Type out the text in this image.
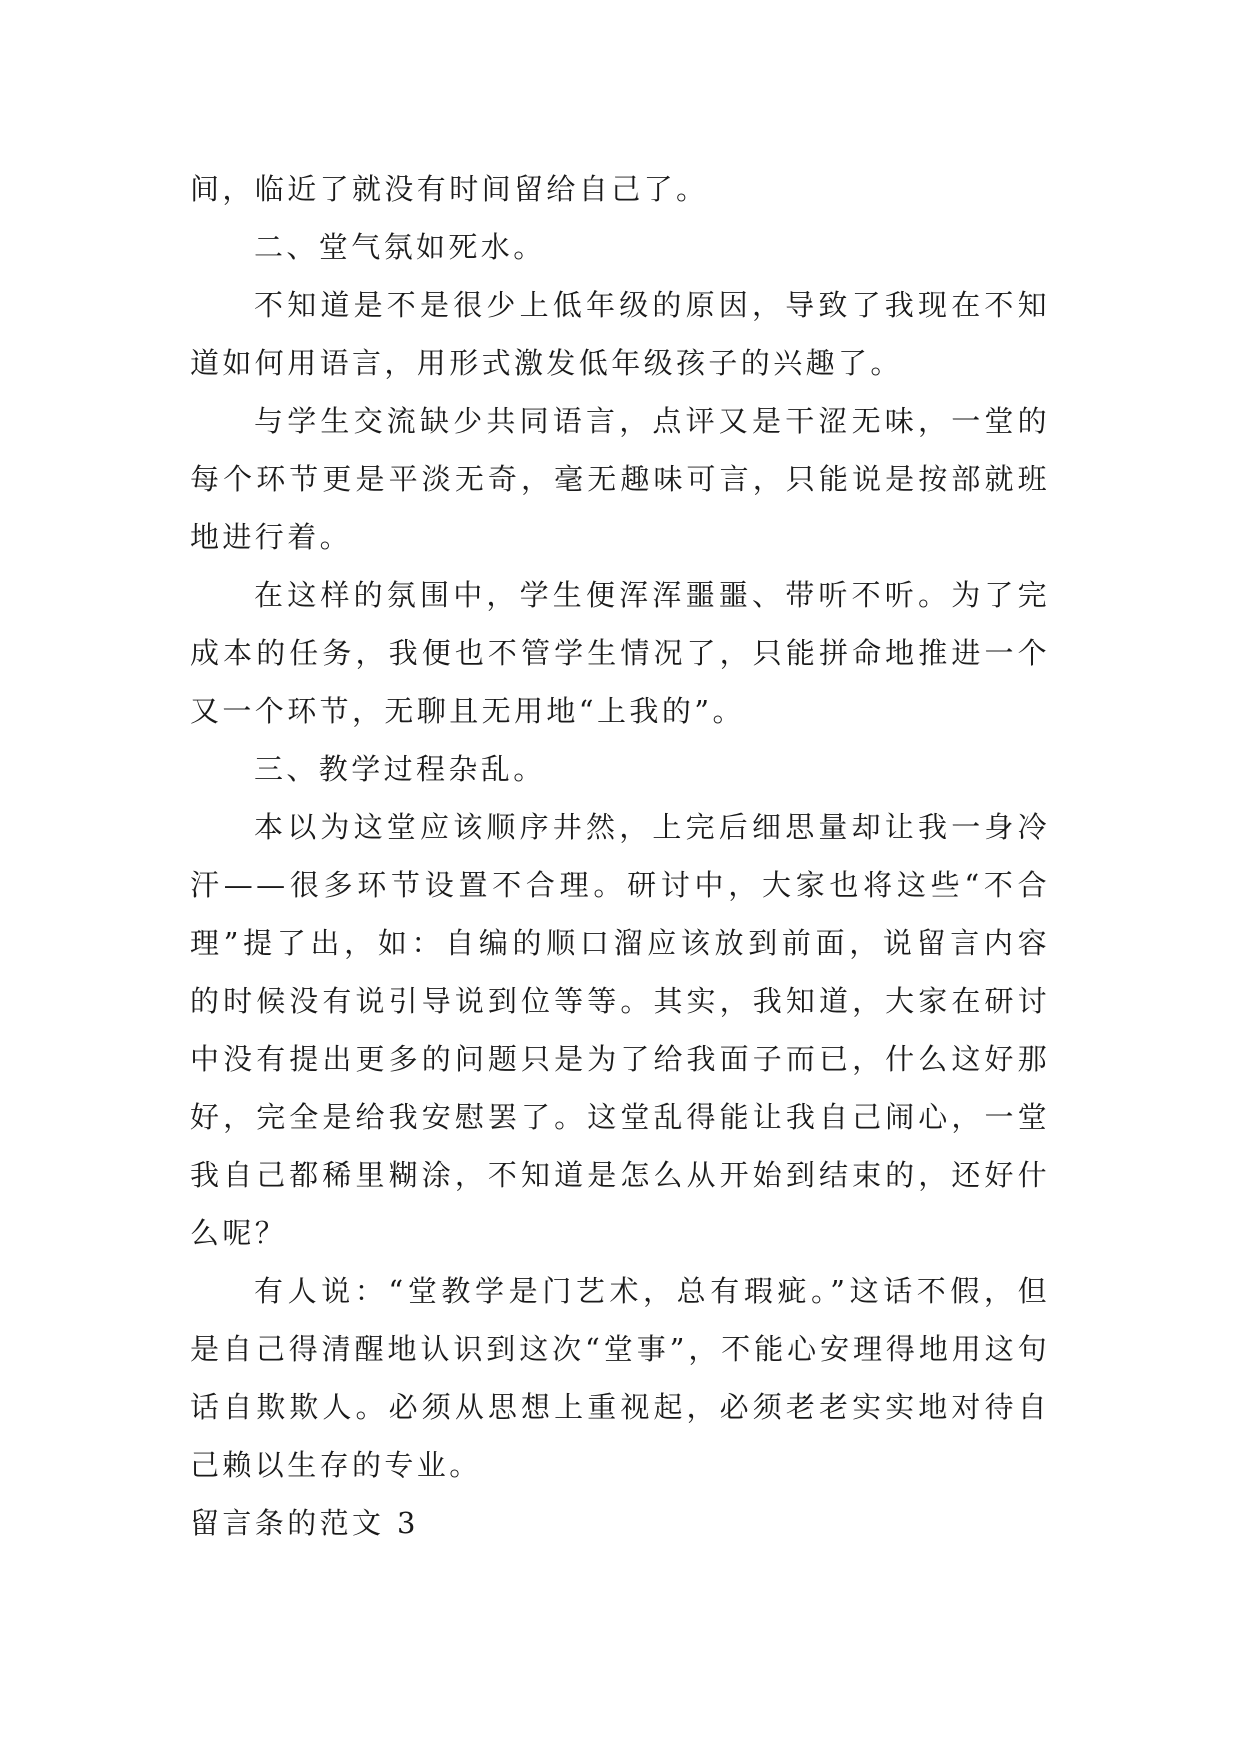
间，临近了就没有时间留给自己了。

二、堂气氛如死水。

不知道是不是很少上低年级的原因，导致了我现在不知道如何用语言，用形式激发低年级孩子的兴趣了。

与学生交流缺少共同语言，点评又是干涩无味，一堂的每个环节更是平淡无奇，毫无趣味可言，只能说是按部就班地进行着。

在这样的氛围中，学生便浑浑噩噩、带听不听。为了完成本的任务，我便也不管学生情况了，只能拼命地推进一个又一个环节，无聊且无用地“上我的”。

三、教学过程杂乱。

本以为这堂应该顺序井然，上完后细思量却让我一身冷汗——很多环节设置不合理。研讨中，大家也将这些“不合理”提了出，如：自编的顺口溜应该放到前面，说留言内容的时候没有说引导说到位等等。其实，我知道，大家在研讨中没有提出更多的问题只是为了给我面子而已，什么这好那好，完全是给我安慰罢了。这堂乱得能让我自己闹心，一堂我自己都稀里糊涂，不知道是怎么从开始到结束的，还好什么呢？

有人说：“堂教学是门艺术，总有瑕疵。”这话不假，但是自己得清醒地认识到这次“堂事”，不能心安理得地用这句话自欺欺人。必须从思想上重视起，必须老老实实地对待自己赖以生存的专业。

留言条的范文 3
